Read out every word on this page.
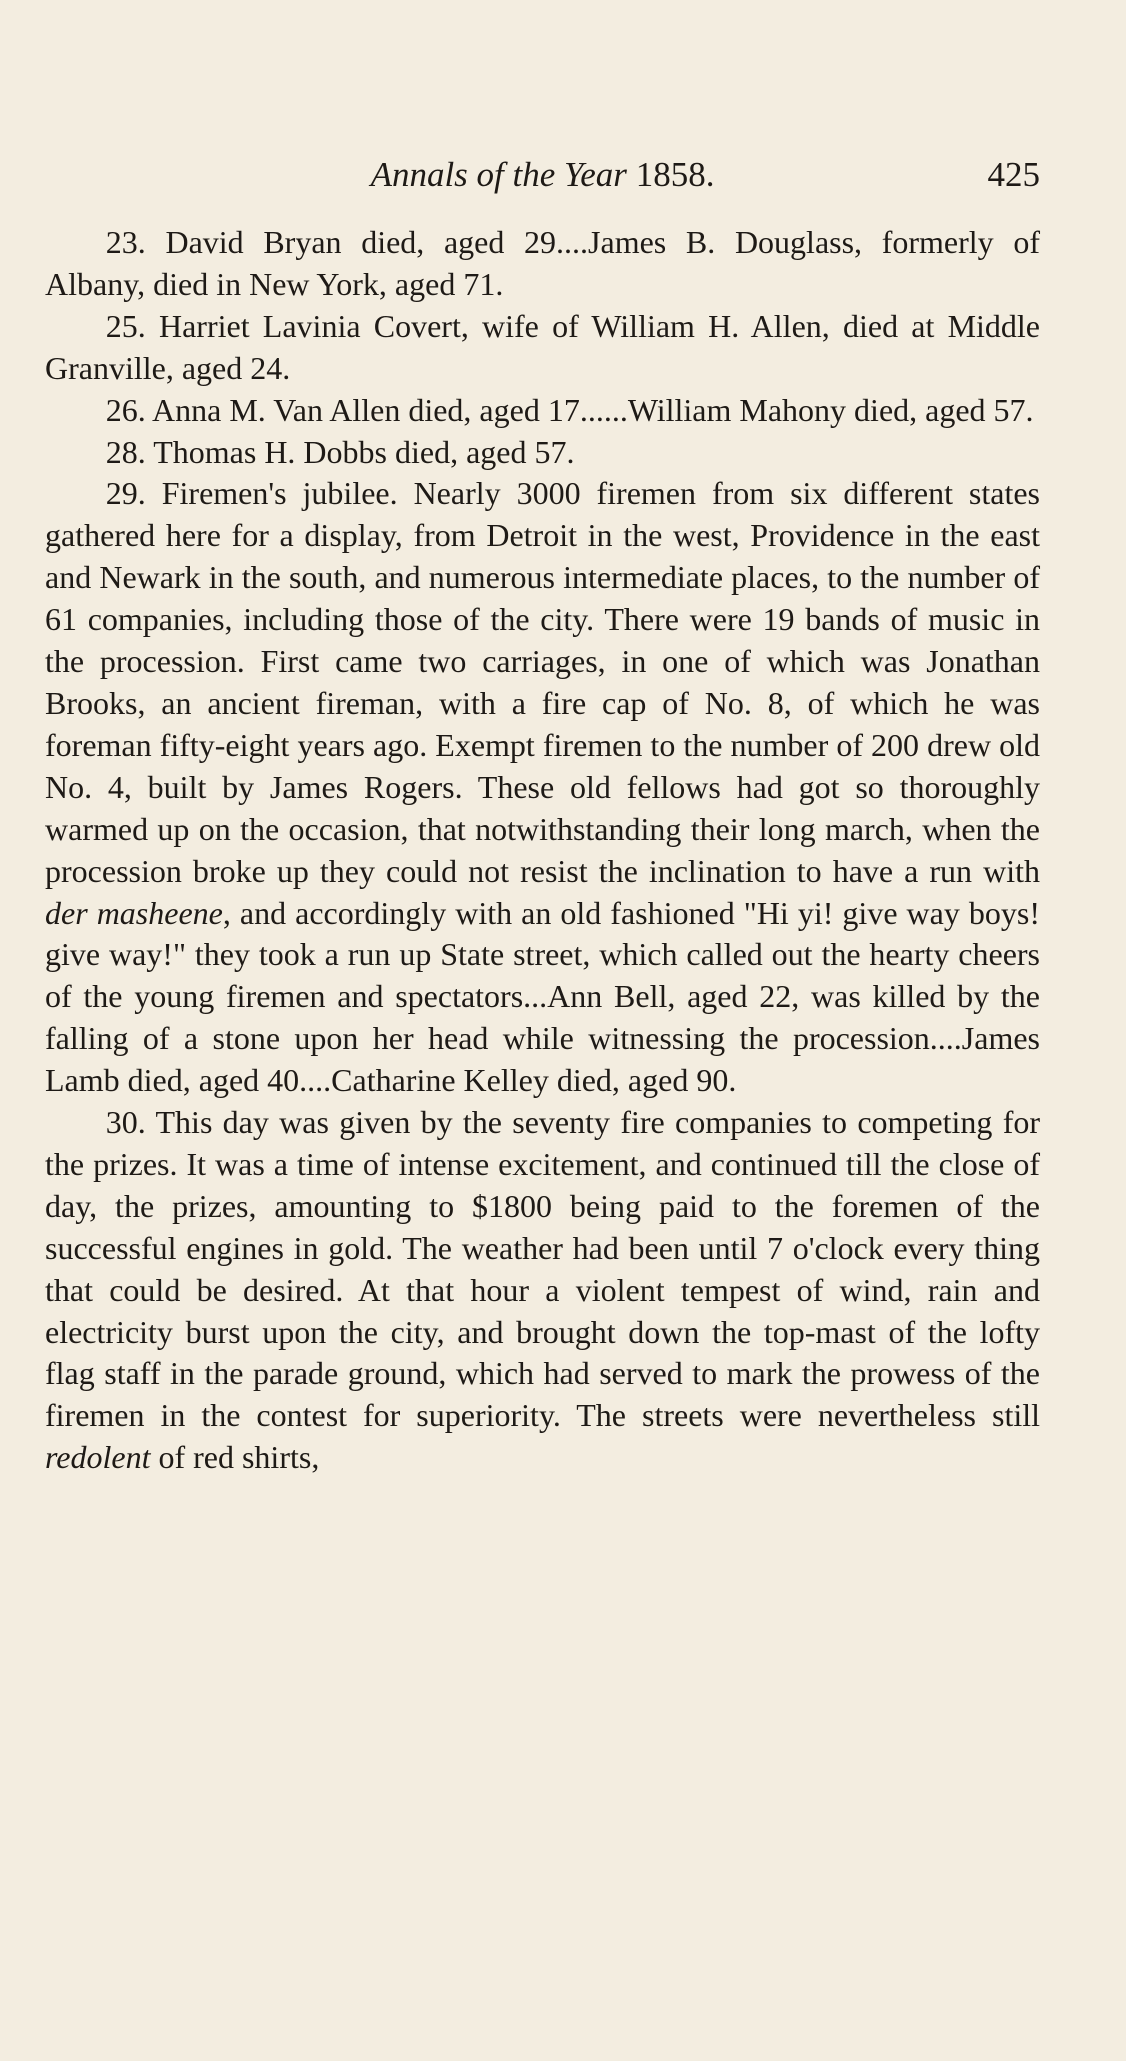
Annals of the Year 1858.	425

23. David Bryan died, aged 29....James B. Douglass, formerly of Albany, died in New York, aged 71.

25. Harriet Lavinia Covert, wife of William H. Allen, died at Middle Granville, aged 24.

26. Anna M. Van Allen died, aged 17......William Mahony died, aged 57.

28. Thomas H. Dobbs died, aged 57.

29. Firemen's jubilee. Nearly 3000 firemen from six different states gathered here for a display, from Detroit in the west, Providence in the east and Newark in the south, and numerous intermediate places, to the number of 61 companies, including those of the city. There were 19 bands of music in the procession. First came two carriages, in one of which was Jonathan Brooks, an ancient fireman, with a fire cap of No. 8, of which he was foreman fifty-eight years ago. Exempt firemen to the number of 200 drew old No. 4, built by James Rogers. These old fellows had got so thoroughly warmed up on the occasion, that notwithstanding their long march, when the procession broke up they could not resist the inclination to have a run with der masheene, and accordingly with an old fashioned "Hi yi! give way boys! give way!" they took a run up State street, which called out the hearty cheers of the young firemen and spectators...Ann Bell, aged 22, was killed by the falling of a stone upon her head while witnessing the procession....James Lamb died, aged 40....Catharine Kelley died, aged 90.

30. This day was given by the seventy fire companies to competing for the prizes. It was a time of intense excitement, and continued till the close of day, the prizes, amounting to $1800 being paid to the foremen of the successful engines in gold. The weather had been until 7 o'clock every thing that could be desired. At that hour a violent tempest of wind, rain and electricity burst upon the city, and brought down the top-mast of the lofty flag staff in the parade ground, which had served to mark the prowess of the firemen in the contest for superiority. The streets were nevertheless still redolent of red shirts,
